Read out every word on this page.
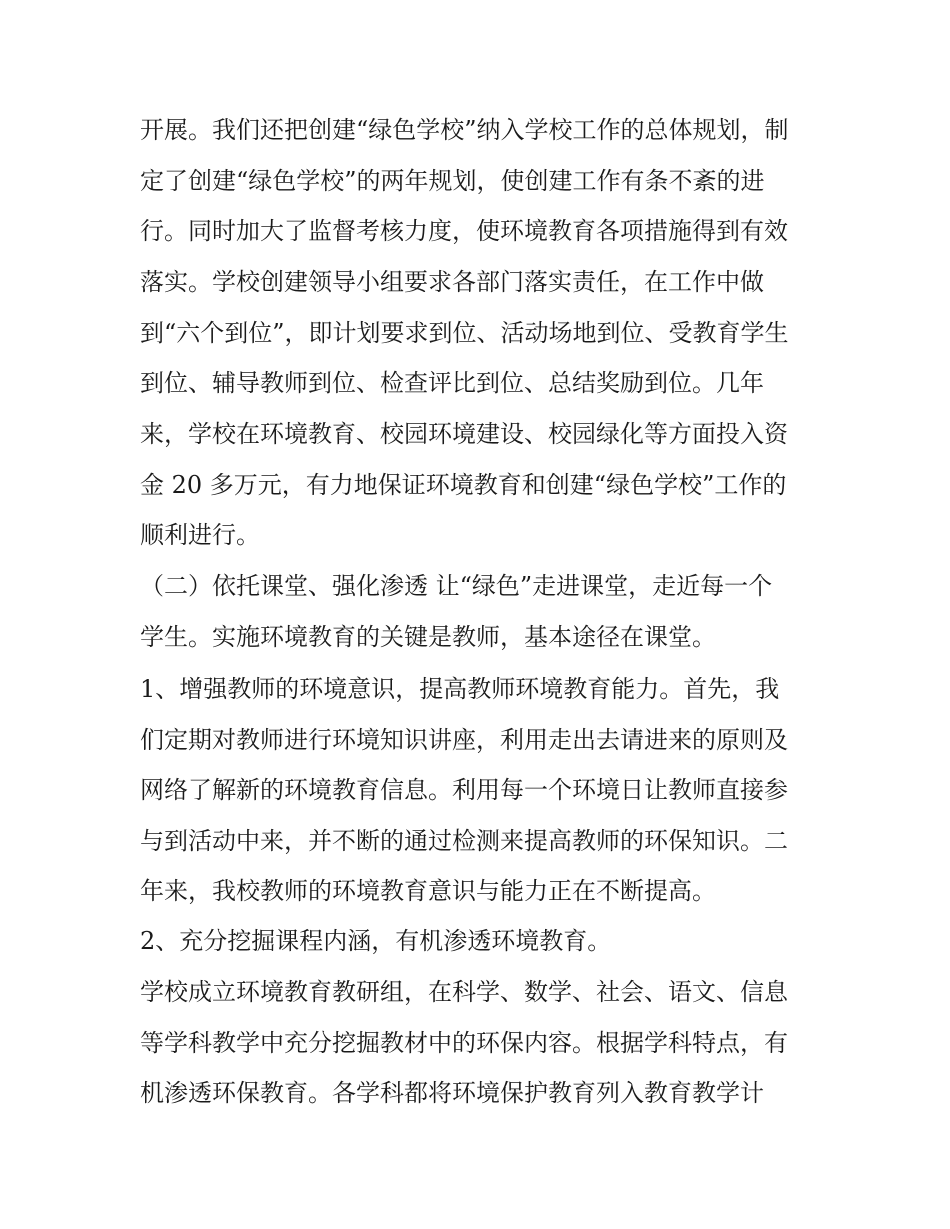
开展。我们还把创建“绿色学校”纳入学校工作的总体规划，制
定了创建“绿色学校”的两年规划，使创建工作有条不紊的进
行。同时加大了监督考核力度，使环境教育各项措施得到有效
落实。学校创建领导小组要求各部门落实责任，在工作中做
到“六个到位”，即计划要求到位、活动场地到位、受教育学生
到位、辅导教师到位、检查评比到位、总结奖励到位。几年
来，学校在环境教育、校园环境建设、校园绿化等方面投入资
金 20 多万元，有力地保证环境教育和创建“绿色学校”工作的
顺利进行。
（二）依托课堂、强化渗透 让“绿色”走进课堂，走近每一个
学生。实施环境教育的关键是教师，基本途径在课堂。
1、增强教师的环境意识，提高教师环境教育能力。首先，我
们定期对教师进行环境知识讲座，利用走出去请进来的原则及
网络了解新的环境教育信息。利用每一个环境日让教师直接参
与到活动中来，并不断的通过检测来提高教师的环保知识。二
年来，我校教师的环境教育意识与能力正在不断提高。
2、充分挖掘课程内涵，有机渗透环境教育。
学校成立环境教育教研组，在科学、数学、社会、语文、信息
等学科教学中充分挖掘教材中的环保内容。根据学科特点，有
机渗透环保教育。各学科都将环境保护教育列入教育教学计
